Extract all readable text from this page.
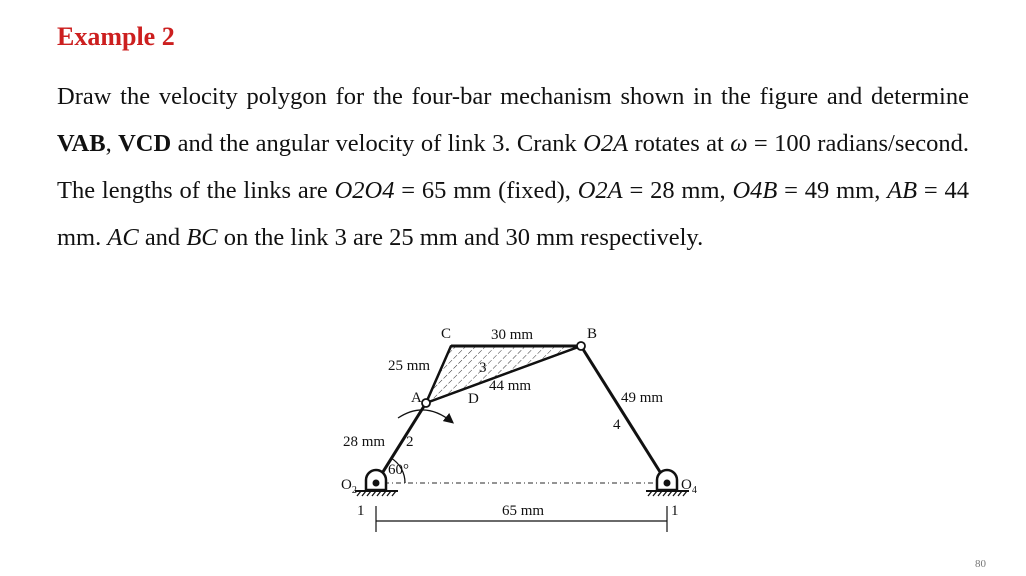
Example 2
Draw the velocity polygon for the four-bar mechanism shown in the figure and determine VAB, VCD and the angular velocity of link 3. Crank O2A rotates at ω = 100 radians/second. The lengths of the links are O2O4 = 65 mm (fixed), O2A = 28 mm, O4B = 49 mm, AB = 44 mm. AC and BC on the link 3 are 25 mm and 30 mm respectively.
C	B
A	D
$O_2$	$O_4$
30 mm
25 mm
44 mm
49 mm
28 mm
65 mm
60°
2
3
4
1	1
80
